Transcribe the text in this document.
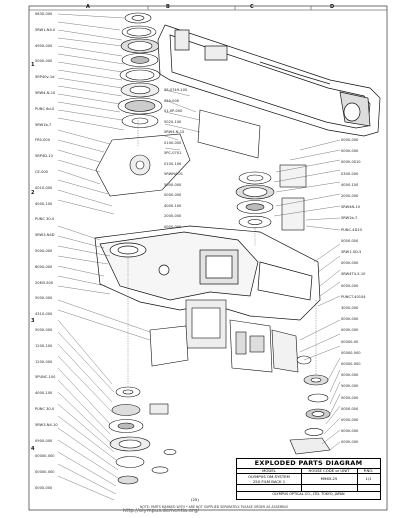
A	B	C	D
1
2
3
4
0830-000
5RW1-N4-0
4900-000
5000-000
5RP40v-1d
5RW4-N-10
PUNC 6d-0
5RW1b-7
FR0-000
5RP4D-10
CE-000
0010-000
4000-100
PUNC 30-0
5RW3-N4D
5000-000
6000-000
20M3-500
5000-000
4310-000
5000-000
1200-100
1200-000
5PUNC-100
4000-100
PUNC 30-0
5RW3-N4-10
0900-000
00000-000
00000-000
0000-000
0S-0749-100
020-000
01-0P-000
5020-100
5RW4-N-10
0100-000
5PC-0701
0100-100
5RWN4-01
5000-000
0000-000
4000-100
2000-000
0000-000
0000-000
0000-000
0000-0010
0300-000
4000-100
2000-000
5RW4N-10
5RW1b-7
PUNC-4D10
0000-000
5RW1-5D-5
0000-000
5RW4T4-5-10
0000-000
PUNCT-40104
3000-000
0000-000
0000-000
00000-00
00000-000
00000-000
0000-000
5000-000
0000-000
0000-000
0000-000
0000-000
0000-000
EXPLODED PARTS DIAGRAM
MODEL	HOUSE CODE or UNIT	P.NO.
OLYMPUS OM-SYSTEM
250 FILM BACK 1
M965-25	1/1
OLYMPUS OPTICAL CO., LTD. TOKYO, JAPAN
(25)
NOTE: PARTS MARKED WITH * ARE NOT SUPPLIED SEPARATELY. PLEASE ORDER AS ASSEMBLY.
http://olympus.dementia.org/
